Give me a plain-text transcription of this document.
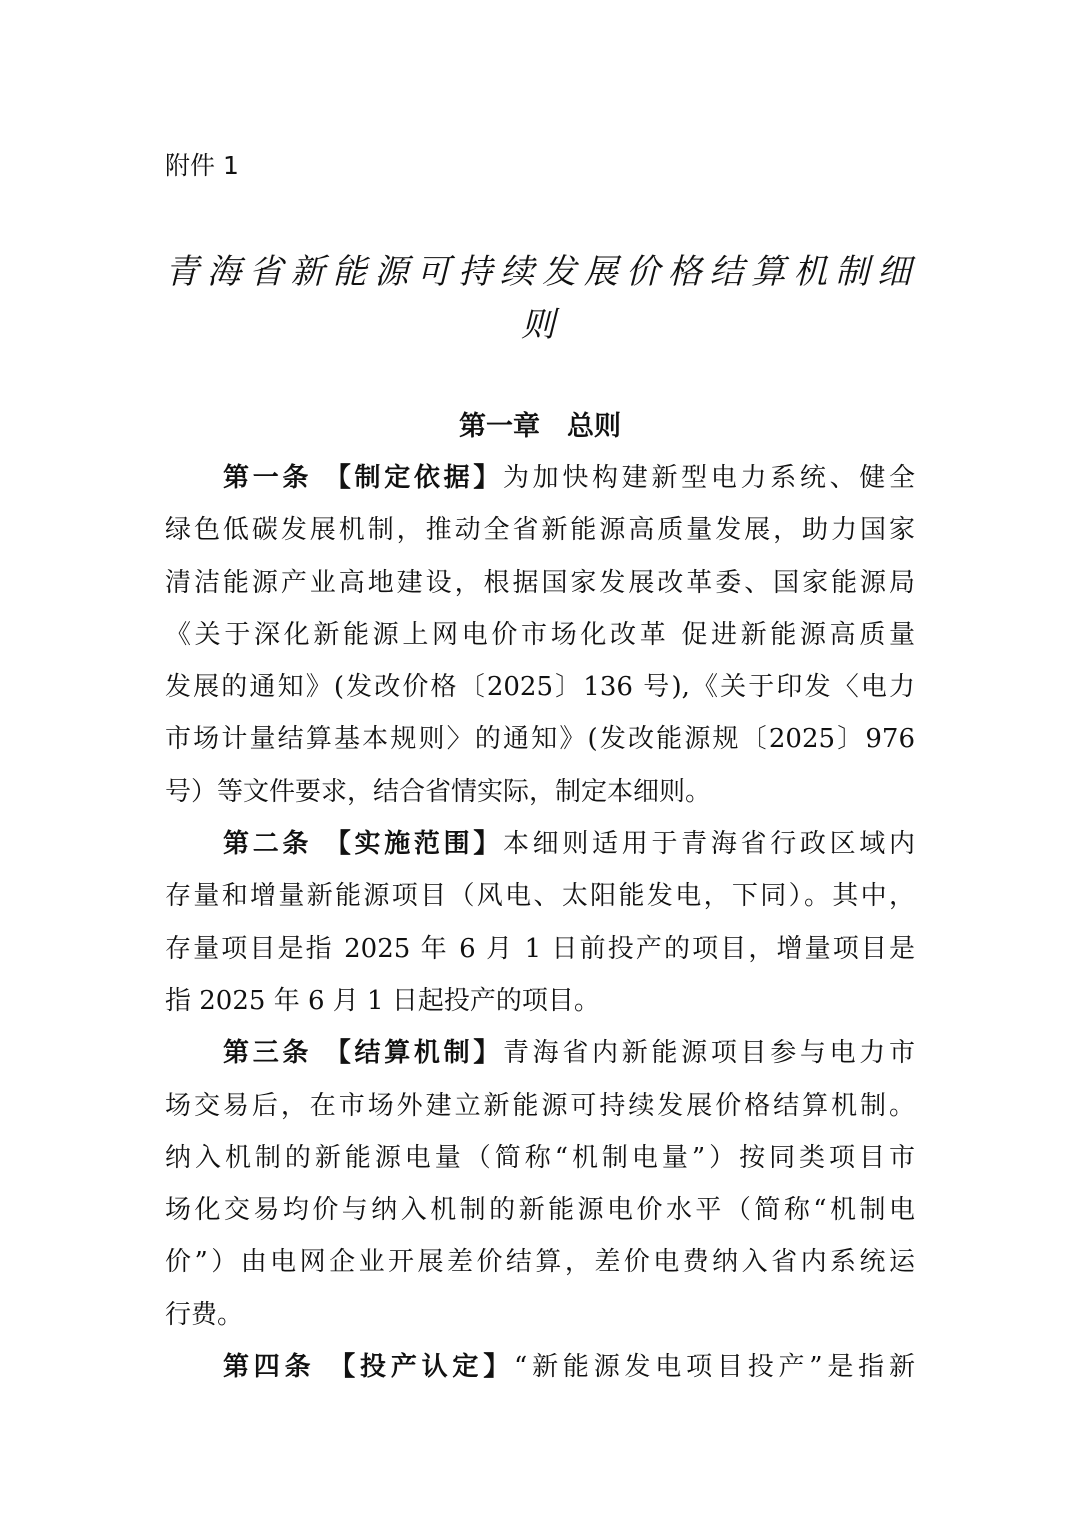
附件 1
青海省新能源可持续发展价格结算机制细
则
第一章　总则
第一条 【制定依据】为加快构建新型电力系统、健全
绿色低碳发展机制，推动全省新能源高质量发展，助力国家
清洁能源产业高地建设，根据国家发展改革委、国家能源局
《关于深化新能源上网电价市场化改革 促进新能源高质量
发展的通知》(发改价格〔2025〕136 号),《关于印发〈电力
市场计量结算基本规则〉的通知》(发改能源规〔2025〕976
号）等文件要求，结合省情实际，制定本细则。
第二条 【实施范围】本细则适用于青海省行政区域内
存量和增量新能源项目（风电、太阳能发电，下同）。其中，
存量项目是指 2025 年 6 月 1 日前投产的项目，增量项目是
指 2025 年 6 月 1 日起投产的项目。
第三条 【结算机制】青海省内新能源项目参与电力市
场交易后，在市场外建立新能源可持续发展价格结算机制。
纳入机制的新能源电量（简称“机制电量”）按同类项目市
场化交易均价与纳入机制的新能源电价水平（简称“机制电
价”）由电网企业开展差价结算，差价电费纳入省内系统运
行费。
第四条 【投产认定】“新能源发电项目投产”是指新
